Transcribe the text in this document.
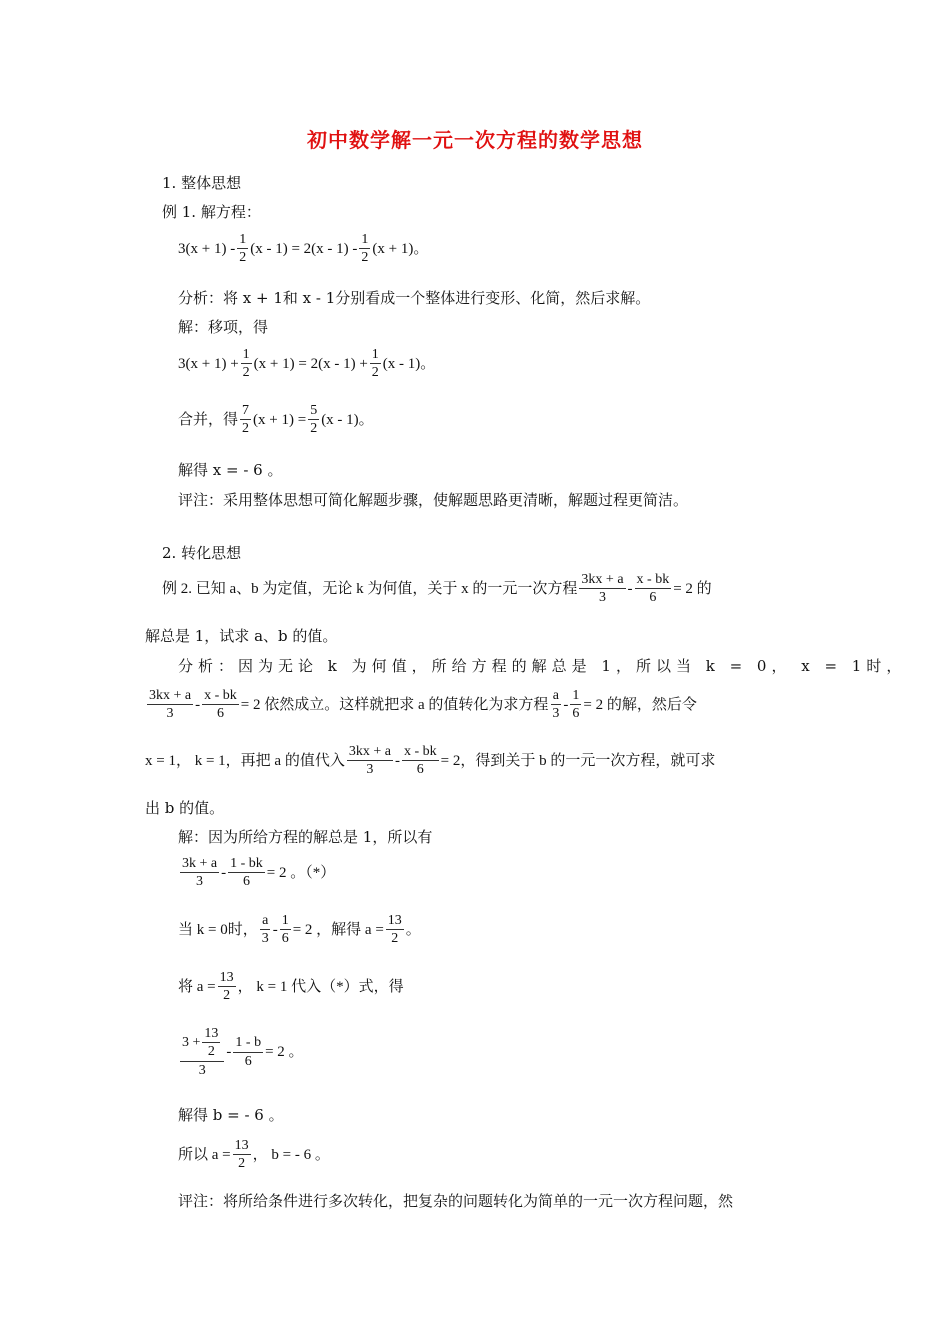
初中数学解一元一次方程的数学思想
1. 整体思想
例 1. 解方程：
$3(x + 1) - \frac{1}{2} (x - 1) = 2(x - 1) - \frac{1}{2} (x + 1)$。
分析：将 x + 1和 x - 1分别看成一个整体进行变形、化简，然后求解。
解：移项，得
$3(x + 1) + \frac{1}{2} (x + 1) = 2(x - 1) + \frac{1}{2} (x - 1)$。
合并，得 $\frac{7}{2} (x + 1) = \frac{5}{2} (x - 1)$。
解得 x = - 6 。
评注：采用整体思想可简化解题步骤，使解题思路更清晰，解题过程更简洁。
2. 转化思想
例 2. 已知 a、b 为定值，无论 k 为何值，关于 x 的一元一次方程 $\frac{3kx + a}{3} - \frac{x - bk}{6} = 2$ 的
解总是 1，试求 a、b 的值。
分析：因为无论 k 为何值，所给方程的解总是 1，所以当 k = 0， x = 1时，
$\frac{3kx + a}{3} - \frac{x - bk}{6} = 2$ 依然成立。这样就把求 a 的值转化为求方程 $\frac{a}{3} - \frac{1}{6} = 2$ 的解，然后令
x = 1， k = 1，再把 a 的值代入 $\frac{3kx + a}{3} - \frac{x - bk}{6} = 2$，得到关于 b 的一元一次方程，就可求
出 b 的值。
解：因为所给方程的解总是 1，所以有
$\frac{3k + a}{3} - \frac{1 - bk}{6} = 2$ 。（*）
当 k = 0时， $\frac{a}{3} - \frac{1}{6} = 2$ ，解得 $a = \frac{13}{2}$ 。
将 $a = \frac{13}{2}$ ， k = 1 代入（*）式，得
$\frac{3 + \frac{13}{2}}{3} - \frac{1 - b}{6} = 2$ 。
解得 b = - 6 。
所以 $a = \frac{13}{2}$ ， b = - 6 。
评注：将所给条件进行多次转化，把复杂的问题转化为简单的一元一次方程问题，然
